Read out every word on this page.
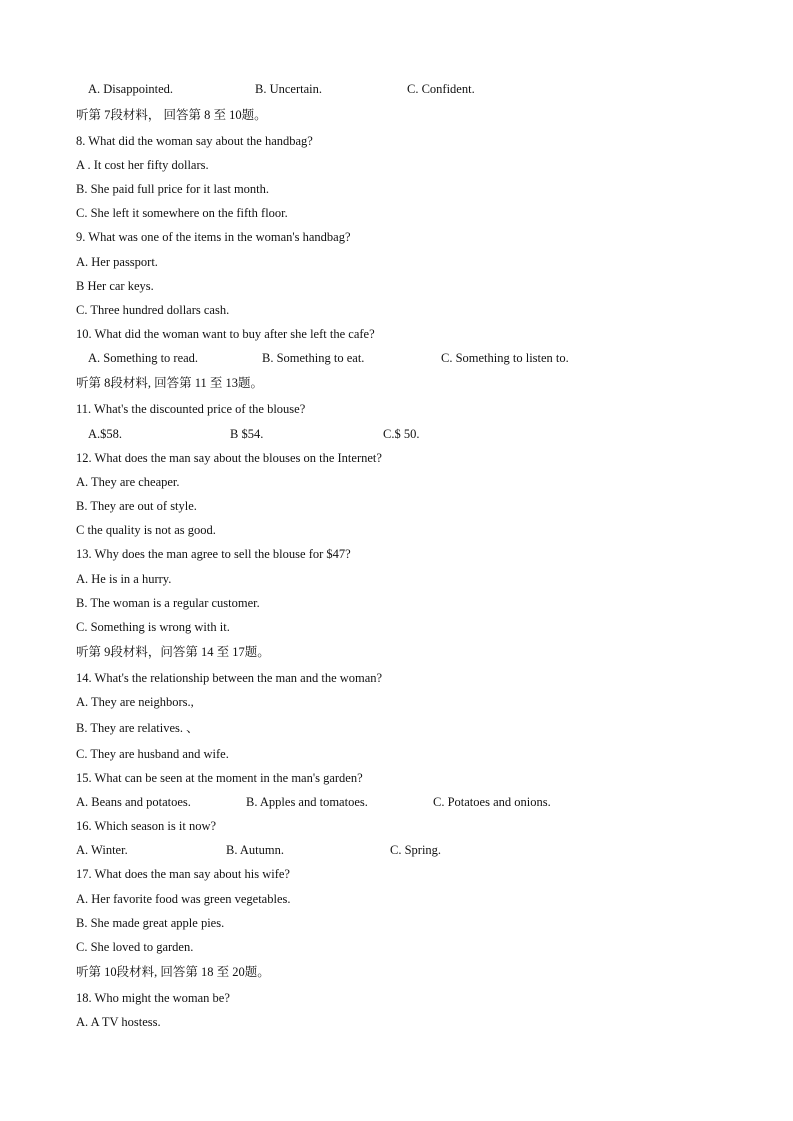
A. Disappointed.	B. Uncertain.	C. Confident.
听第 7段材料， 回答第 8 至 10题。
8. What did the woman say about the handbag?
A . It cost her fifty dollars.
B. She paid full price for it last month.
C. She left it somewhere on the fifth floor.
9. What was one of the items in the woman's handbag?
A. Her passport.
B Her car keys.
C. Three hundred dollars cash.
10. What did the woman want to buy after she left the cafe?
A. Something to read.	B. Something to eat.	C. Something to listen to.
听第 8段材料, 回答第 11 至 13题。
11. What's the discounted price of the blouse?
A.$58.	B $54.	C.$ 50.
12. What does the man say about the blouses on the Internet?
A. They are cheaper.
B. They are out of style.
C the quality is not as good.
13. Why does the man agree to sell the blouse for $47?
A. He is in a hurry.
B. The woman is a regular customer.
C. Something is wrong with it.
听第 9段材料，问答第 14 至 17题。
14. What's the relationship between the man and the woman?
A. They are neighbors.,
B. They are relatives. 、
C. They are husband and wife.
15. What can be seen at the moment in the man's garden?
A. Beans and potatoes.	B. Apples and tomatoes.	C. Potatoes and onions.
16. Which season is it now?
A. Winter.	B. Autumn.	C. Spring.
17. What does the man say about his wife?
A. Her favorite food was green vegetables.
B. She made great apple pies.
C. She loved to garden.
听第 10段材料, 回答第 18 至 20题。
18. Who might the woman be?
A. A TV hostess.
